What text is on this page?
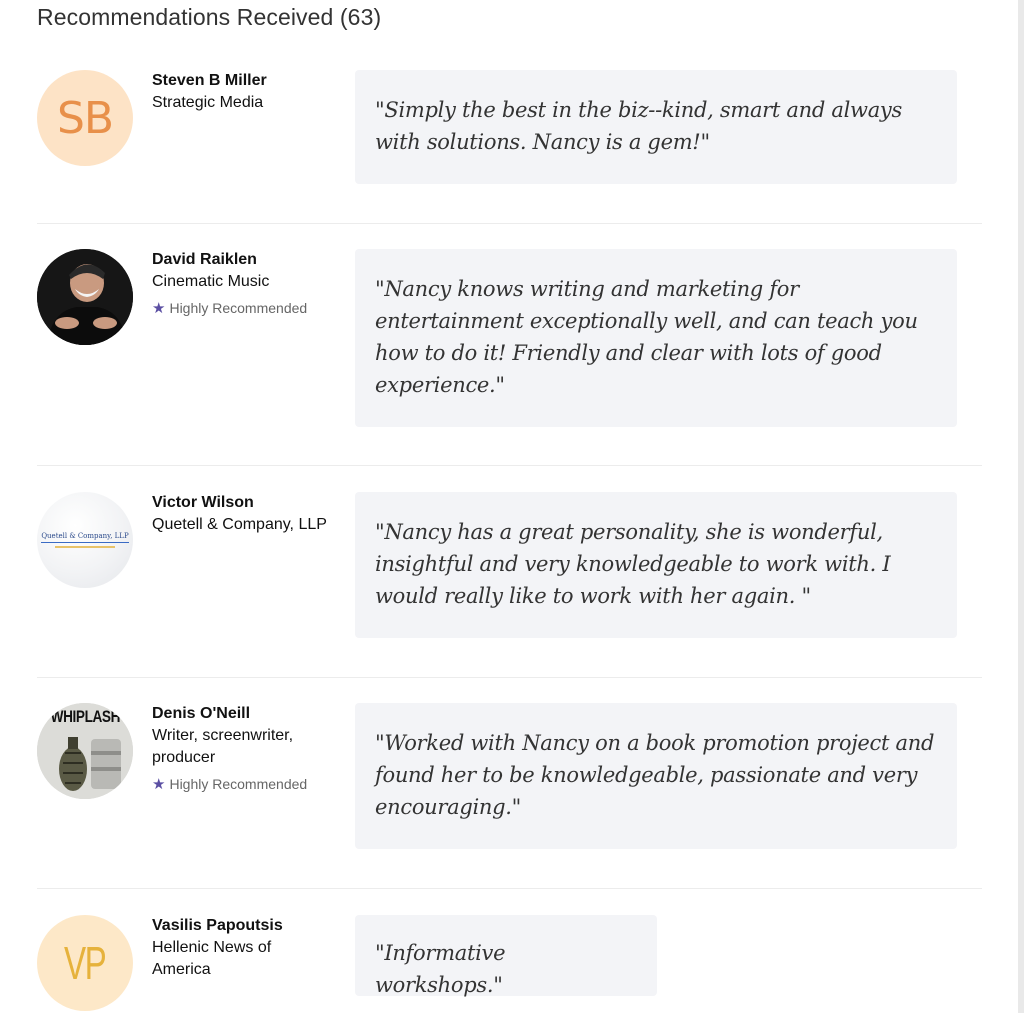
Recommendations Received (63)
SB
Steven B Miller
Strategic Media	"Simply the best in the biz--kind, smart and always with solutions. Nancy is a gem!"
David Raiklen
Cinematic Music
★ Highly Recommended
"Nancy knows writing and marketing for entertainment exceptionally well, and can teach you how to do it! Friendly and clear with lots of good experience."
Quetell & Company, LLP
Victor Wilson
Quetell & Company, LLP "Nancy has a great personality, she is wonderful, insightful and very knowledgeable to work with. I would really like to work with her again. "
WHIPLASH Denis O'Neill
Writer, screenwriter, producer
★ Highly Recommended
"Worked with Nancy on a book promotion project and found her to be knowledgeable, passionate and very encouraging."
VP
Vasilis Papoutsis
Hellenic News of America
"Informative workshops."
